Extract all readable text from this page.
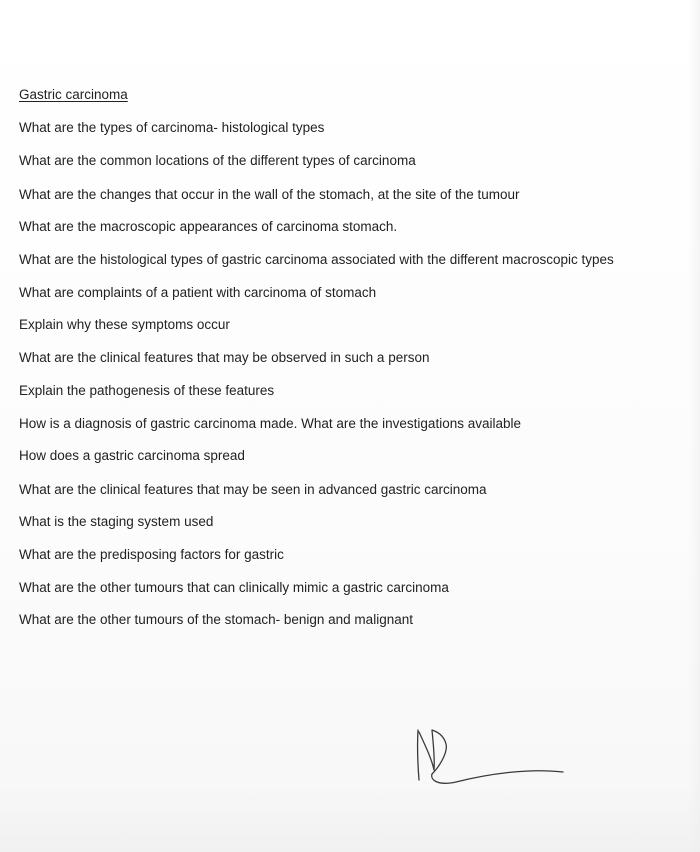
Gastric carcinoma
What are the types of carcinoma- histological types
What are the common locations of the different types of carcinoma
What are the changes that occur in the wall of the stomach, at the site of the tumour
What are the macroscopic appearances of carcinoma stomach.
What are the histological types of gastric carcinoma associated with the different macroscopic types
What are complaints of a patient with carcinoma of stomach
Explain why these symptoms occur
What are the clinical features that may be observed in such a person
Explain the pathogenesis of these features
How is a diagnosis of gastric carcinoma made. What are the investigations available
How does a gastric carcinoma spread
What are the clinical features that may be seen in advanced gastric carcinoma
What is the staging system used
What are the predisposing factors for gastric
What are the other tumours that can clinically mimic a gastric carcinoma
What are the other tumours of the stomach- benign and malignant
